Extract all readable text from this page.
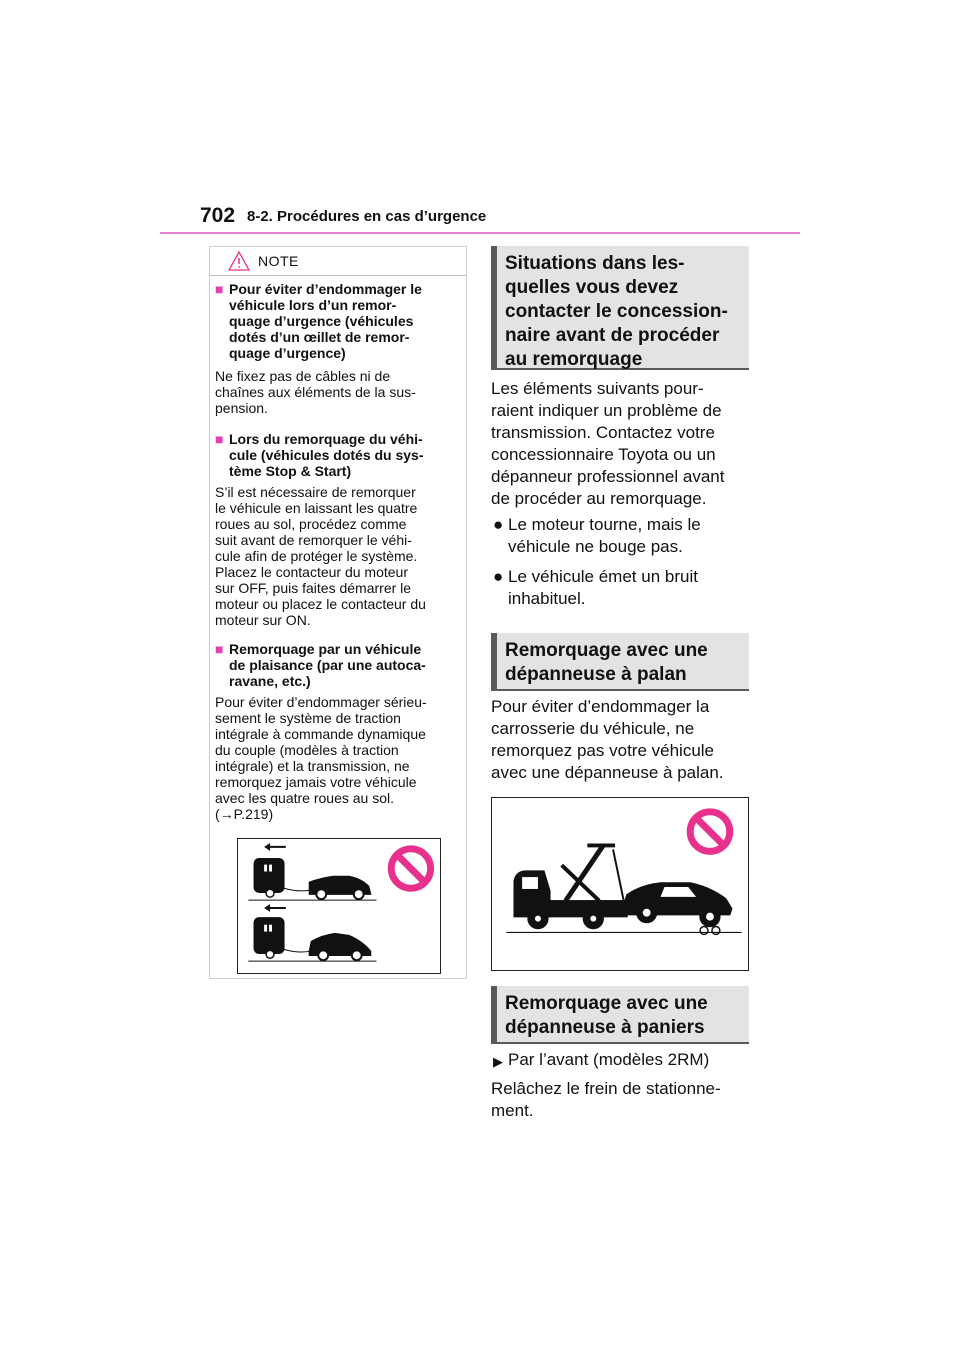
702 8-2. Procédures en cas d’urgence
NOTE
■ Pour éviter d’endommager le
véhicule lors d’un remor-
quage d’urgence (véhicules
dotés d’un œillet de remor-
quage d’urgence)
Ne fixez pas de câbles ni de
chaînes aux éléments de la sus-
pension.
■ Lors du remorquage du véhi-
cule (véhicules dotés du sys-
tème Stop & Start)
S’il est nécessaire de remorquer
le véhicule en laissant les quatre
roues au sol, procédez comme
suit avant de remorquer le véhi-
cule afin de protéger le système.
Placez le contacteur du moteur
sur OFF, puis faites démarrer le
moteur ou placez le contacteur du
moteur sur ON.
■ Remorquage par un véhicule
de plaisance (par une autoca-
ravane, etc.)
Pour éviter d’endommager sérieu-
sement le système de traction
intégrale à commande dynamique
du couple (modèles à traction
intégrale) et la transmission, ne
remorquez jamais votre véhicule
avec les quatre roues au sol.
(→P.219)
Situations dans les-
quelles vous devez
contacter le concession-
naire avant de procéder
au remorquage
Les éléments suivants pour-
raient indiquer un problème de
transmission. Contactez votre
concessionnaire Toyota ou un
dépanneur professionnel avant
de procéder au remorquage.
● Le moteur tourne, mais le
véhicule ne bouge pas.
● Le véhicule émet un bruit
inhabituel.
Remorquage avec une
dépanneuse à palan
Pour éviter d’endommager la
carrosserie du véhicule, ne
remorquez pas votre véhicule
avec une dépanneuse à palan.
Remorquage avec une
dépanneuse à paniers
▶ Par l’avant (modèles 2RM)
Relâchez le frein de stationne-
ment.
